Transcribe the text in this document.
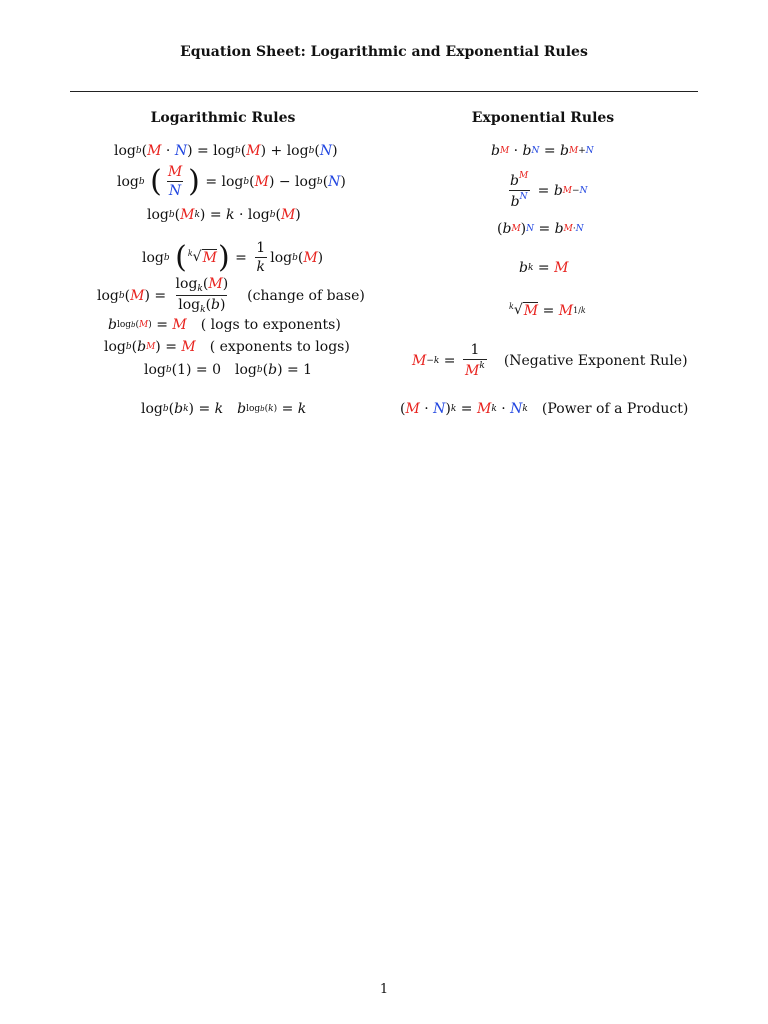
Equation Sheet: Logarithmic and Exponential Rules
Logarithmic Rules	Exponential Rules
log b ( M · N ) = log b ( M ) + log b ( N )
log b
( $\frac{M}{N}$ ) = log b ( M ) − log b ( N )
log b ( M k ) = k · log b ( M )
log b
( k √ M ) = $\frac{1}{k}$ log b ( M )
log b ( M ) = $\frac{\log_k(M)}{\log_k(b)}$ (change of base)
b logb(M) = M ( logs to exponents)
log b ( b M ) = M ( exponents to logs)
log b (1) = 0 log b ( b ) = 1
log b ( b k ) = k b logb(k) = k
b M · b N = b M+N
$\frac{b^M}{b^N} = b$ M−N
( b M ) N = b M·N
b k = M
k √ M = M 1/k
$M -k = \frac{1}{M^k}$ (Negative Exponent Rule)
( M · N ) k = M k · N k (Power of a Product)
1
